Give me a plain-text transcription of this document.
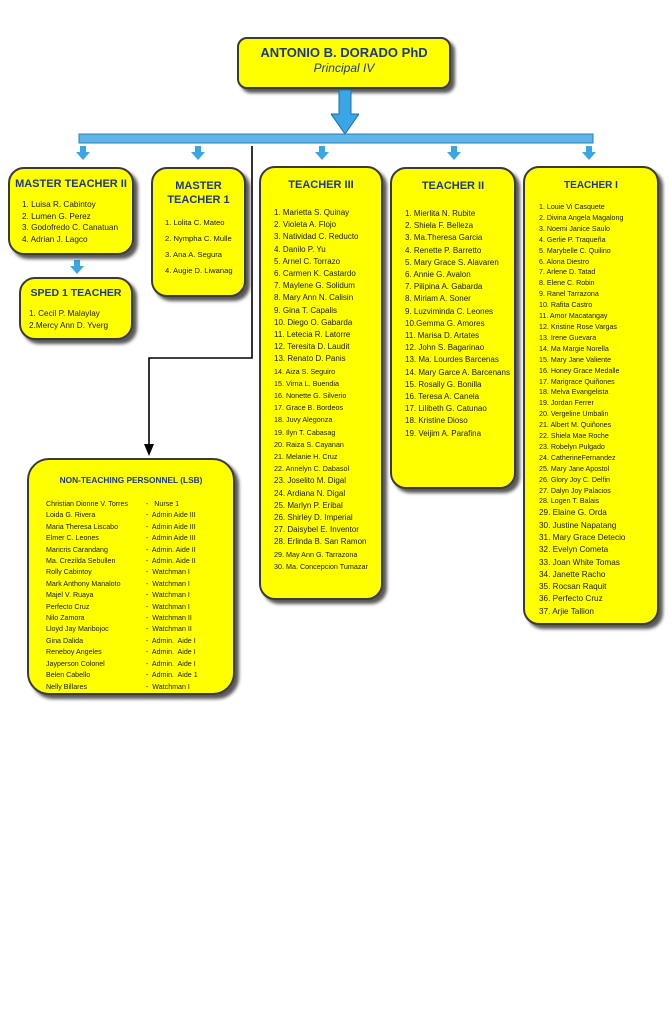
ANTONIO B. DORADO PhD
Principal IV
MASTER TEACHER II
1. Luisa R. Cabintoy
2. Lumen G. Perez
3. Godofredo C. Canatuan
4. Adrian J. Lagco
SPED 1 TEACHER
1. Cecil P. Malaylay
2.Mercy Ann D. Yverg
MASTER TEACHER 1
1. Lolita C. Mateo
2. Nympha C. Mulle
3. Ana A. Segura
4. Augie D. Liwanag
TEACHER III
1. Marietta S. Quinay
2. Violeta A. Flojo
3. Natividad C. Reducto
4. Danilo P. Yu
5. Arnel C. Torrazo
6. Carmen K. Castardo
7. Maylene G. Solidum
8. Mary Ann N. Calisin
9. Gina T. Capalis
10. Diego O. Gabarda
11. Letecia R. Latorre
12. Teresita D. Laudit
13. Renato D. Panis
14. Aiza S. Seguiro
15. Virna L. Buendia
16. Nonette G. Silverio
17. Grace B. Bordeos
18. Juvy Alegonza
19. Ilyn T. Cabasag
20. Raiza S. Cayanan
21. Melanie H. Cruz
22. Annelyn C. Dabasol
23. Joselito M. Digal
24. Ardiana N. Digal
25. Marlyn P. Eribal
26. Shirley D. Imperial
27. Daisybel E. Inventor
28. Erlinda B. San Ramon
29. May Ann G. Tarrazona
30. Ma. Concepcion Tumazar
TEACHER II
1. Mierlita N. Rubite
2. Shiela F. Belleza
3. Ma.Theresa Garcia
4. Renette P. Barretto
5. Mary Grace S. Alavaren
6. Annie G. Avalon
7. Pilipina A. Gabarda
8. Miriam A. Soner
9. Luzviminda C. Leones
10.Gemma G. Amores
11. Marisa D. Artates
12. John S. Bagarinao
13. Ma. Lourdes Barcenas
14. Mary Garce A. Barcenans
15. Rosally G. Bonilla
16. Teresa A. Canela
17. Lilibeth G. Catunao
18. Kristine Dioso
19. Veijim A. Parafina
TEACHER I
1. Louie Vi Casquete
2. Divina Angela Magalong
3. Noemi Janice Saulo
4. Gerlie P. Traqueña
5. Marybelle C. Quilino
6. Alona Diestro
7. Arlene D. Tatad
8. Elene C. Robin
9. Ranel Tarrazona
10. Rafita Castro
11. Amor Macatangay
12. Kristine Rose Vargas
13. Irene Guevara
14. Ma Margie Norella
15. Mary Jane Valiente
16. Honey Grace Medalle
17. Marigrace Quiñones
18. Melva Evangelista
19. Jordan Ferrer
20. Vergeline Umbalin
21. Albert M. Quiñones
22. Shiela Mae Roche
23. Robelyn Pulgado
24. CatherineFernandez
25. Mary Jane Apostol
26. Glory Joy C. Delfin
27. Dalyn Joy Palacios
28. Logen T. Balais
29. Elaine G. Orda
30. Justine Napatang
31. Mary Grace Detecio
32. Evelyn Cometa
33. Joan White Tomas
34. Janette Racho
35. Rocsan Raquit
36. Perfecto Cruz
37. Arjie Tallion
NON-TEACHING PERSONNEL (LSB)
Christian Dionne V. Torres	-   Nurse 1
Loida G. Rivera	-  Admin Aide III
Maria Theresa Liscabo	-  Admin Aide III
Elmer C. Leones	-  Admin Aide III
Maricris Carandang	-  Admin. Aide II
Ma. Crezilda Sebullen	-  Admin. Aide II
Rolly Cabintoy	-  Watchman I
Mark Anthony Manaloto	-  Watchman I
Majel V. Ruaya	-  Watchman I
Perfecto Cruz	-  Watchman I
Nilo Zamora	-  Watchman II
Lloyd Jay Maribojoc	-  Watchman II
Gina Dalida	-  Admin.  Aide I
Reneboy Angeles	-  Admin.  Aide I
Jayperson Colonel	-  Admin.  Aide I
Belen Cabello	-  Admin.  Aide 1
Nelly Billares	-  Watchman I
